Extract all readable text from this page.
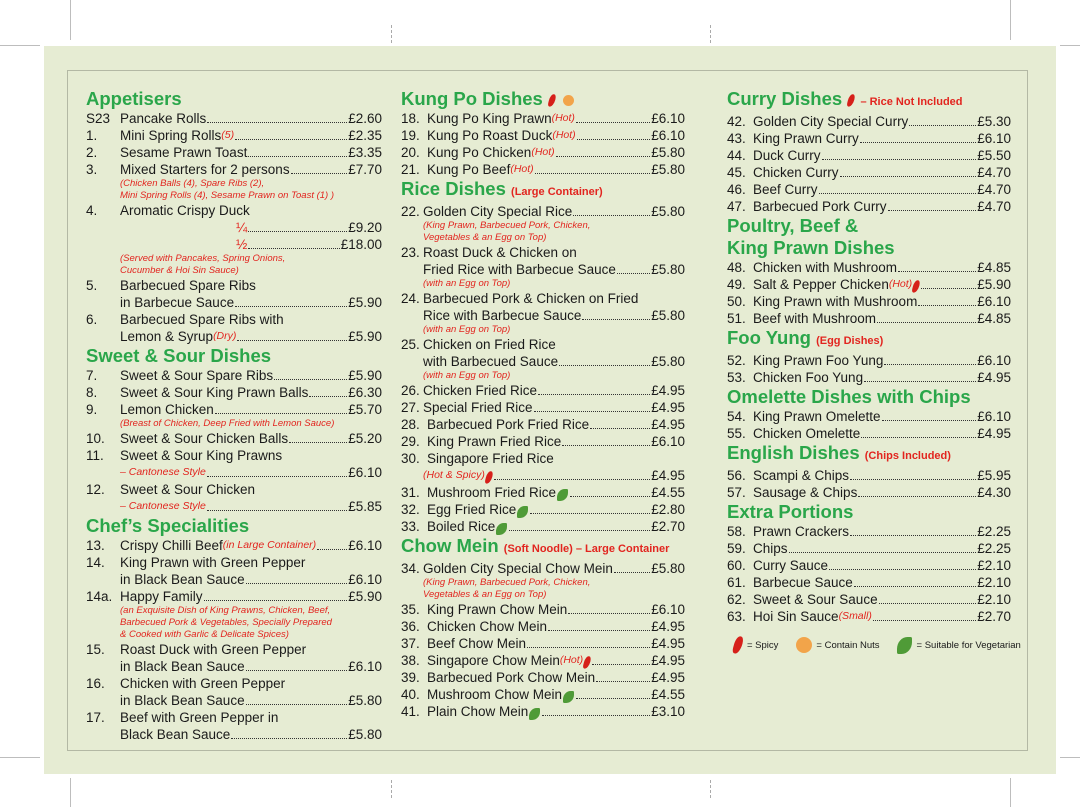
Appetisers
S23 Pancake Rolls	£2.60
1.	Mini Spring Rolls (5)	£2.35
2.	Sesame Prawn Toast	£3.35
3.	Mixed Starters for 2 persons	£7.70
(Chicken Balls (4), Spare Ribs (2),
Mini Spring Rolls (4), Sesame Prawn on Toast (1) )
4.	Aromatic Crispy Duck
¼	£9.20
½	£18.00
(Served with Pancakes, Spring Onions,
Cucumber & Hoi Sin Sauce)
5.	Barbecued Spare Ribs
in Barbecue Sauce	£5.90
6.	Barbecued Spare Ribs with
Lemon & Syrup (Dry)	£5.90
Sweet & Sour Dishes
7.	Sweet & Sour Spare Ribs	£5.90
8.	Sweet & Sour King Prawn Balls	£6.30
9.	Lemon Chicken	£5.70
(Breast of Chicken, Deep Fried with Lemon Sauce)
10.	Sweet & Sour Chicken Balls	£5.20
11.	Sweet & Sour King Prawns
– Cantonese Style	£6.10
12.	Sweet & Sour Chicken
– Cantonese Style	£5.85
Chef’s Specialities
13.	Crispy Chilli Beef (in Large Container) £6.10
14.	King Prawn with Green Pepper
in Black Bean Sauce	£6.10
14a. Happy Family	£5.90
(an Exquisite Dish of King Prawns, Chicken, Beef,
Barbecued Pork & Vegetables, Specially Prepared
& Cooked with Garlic & Delicate Spices)
15.	Roast Duck with Green Pepper
in Black Bean Sauce	£6.10
16.	Chicken with Green Pepper
in Black Bean Sauce	£5.80
17.	Beef with Green Pepper in
Black Bean Sauce	£5.80
Kung Po Dishes
18. Kung Po King Prawn (Hot)	£6.10
19. Kung Po Roast Duck (Hot)	£6.10
20. Kung Po Chicken (Hot)	£5.80
21. Kung Po Beef (Hot)	£5.80
Rice Dishes (Large Container)
22. Golden City Special Rice	£5.80
(King Prawn, Barbecued Pork, Chicken,
Vegetables & an Egg on Top)
23. Roast Duck & Chicken on
Fried Rice with Barbecue Sauce	£5.80
(with an Egg on Top)
24. Barbecued Pork & Chicken on Fried
Rice with Barbecue Sauce	£5.80
(with an Egg on Top)
25. Chicken on Fried Rice
with Barbecued Sauce	£5.80
(with an Egg on Top)
26. Chicken Fried Rice	£4.95
27. Special Fried Rice	£4.95
28. Barbecued Pork Fried Rice	£4.95
29. King Prawn Fried Rice	£6.10
30. Singapore Fried Rice
(Hot & Spicy)	£4.95
31. Mushroom Fried Rice	£4.55
32. Egg Fried Rice	£2.80
33. Boiled Rice	£2.70
Chow Mein (Soft Noodle) – Large Container
34. Golden City Special Chow Mein	£5.80
(King Prawn, Barbecued Pork, Chicken,
Vegetables & an Egg on Top)
35. King Prawn Chow Mein	£6.10
36. Chicken Chow Mein	£4.95
37. Beef Chow Mein	£4.95
38. Singapore Chow Mein (Hot)	£4.95
39. Barbecued Pork Chow Mein	£4.95
40. Mushroom Chow Mein	£4.55
41. Plain Chow Mein	£3.10
Curry Dishes – Rice Not Included
42. Golden City Special Curry	£5.30
43. King Prawn Curry	£6.10
44. Duck Curry	£5.50
45. Chicken Curry	£4.70
46. Beef Curry	£4.70
47. Barbecued Pork Curry	£4.70
Poultry, Beef &
King Prawn Dishes
48. Chicken with Mushroom	£4.85
49. Salt & Pepper Chicken (Hot)	£5.90
50. King Prawn with Mushroom	£6.10
51. Beef with Mushroom	£4.85
Foo Yung (Egg Dishes)
52. King Prawn Foo Yung	£6.10
53. Chicken Foo Yung	£4.95
Omelette Dishes with Chips
54. King Prawn Omelette	£6.10
55. Chicken Omelette	£4.95
English Dishes (Chips Included)
56. Scampi & Chips	£5.95
57. Sausage & Chips	£4.30
Extra Portions
58. Prawn Crackers	£2.25
59. Chips	£2.25
60. Curry Sauce	£2.10
61. Barbecue Sauce	£2.10
62. Sweet & Sour Sauce	£2.10
63. Hoi Sin Sauce (Small)	£2.70
= Spicy	= Contain Nuts	= Suitable for Vegetarian
